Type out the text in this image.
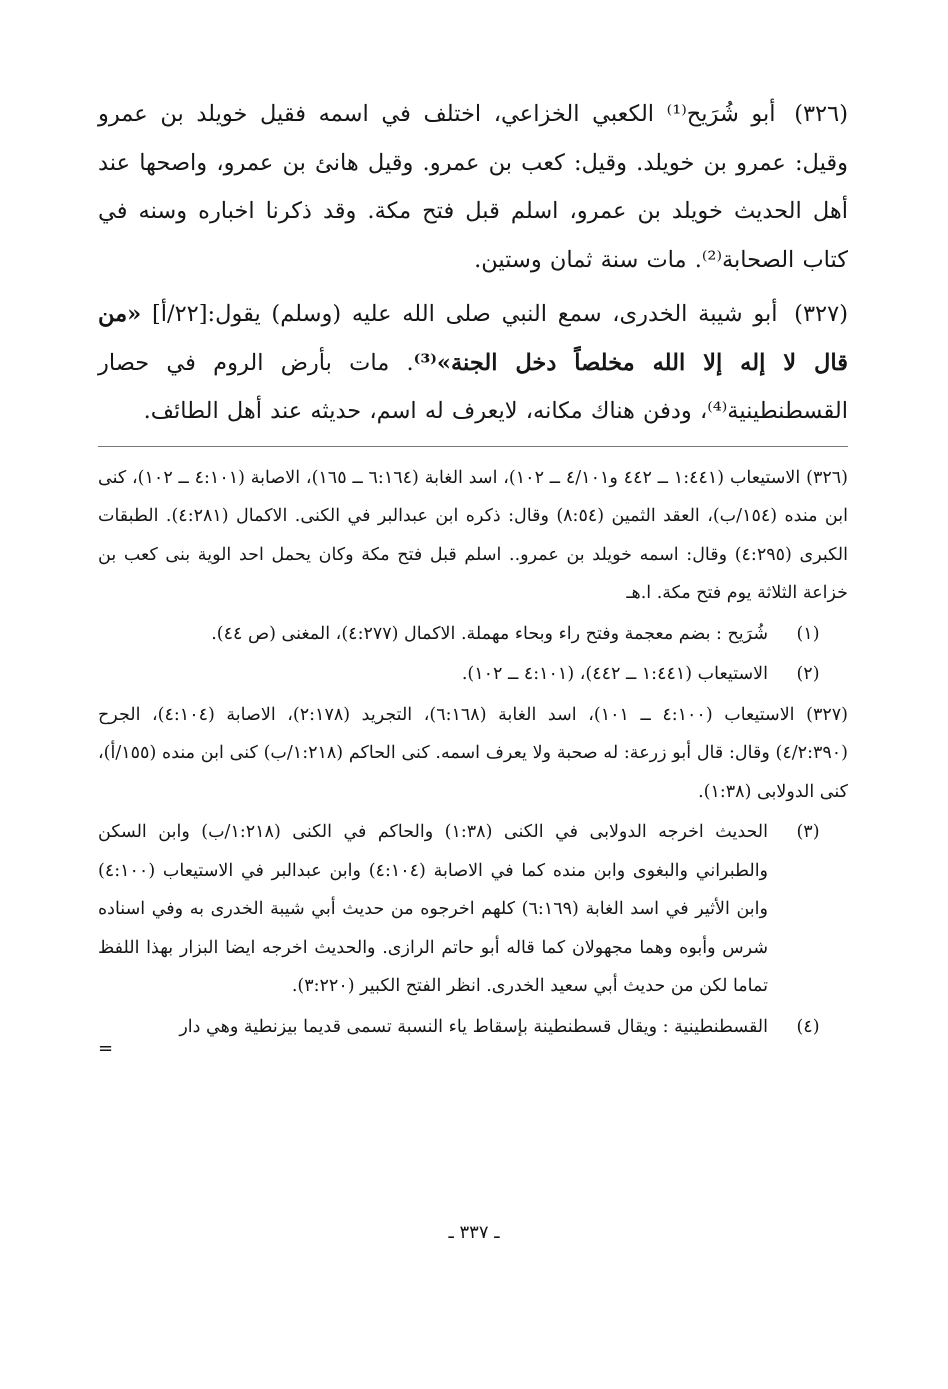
(٣٢٦) أبو شُرَيح⁽¹⁾ الكعبي الخزاعي، اختلف في اسمه فقيل خويلد بن عمرو وقيل: عمرو بن خويلد. وقيل: كعب بن عمرو. وقيل هانئ بن عمرو، واصحها عند أهل الحديث خويلد بن عمرو، اسلم قبل فتح مكة. وقد ذكرنا اخباره وسنه في كتاب الصحابة⁽²⁾. مات سنة ثمان وستين.

(٣٢٧) أبو شيبة الخدرى، سمع النبي صلى الله عليه (وسلم) يقول:[٢٢/أ] «من قال لا إله إلا الله مخلصاً دخل الجنة»⁽³⁾. مات بأرض الروم في حصار القسطنطينية⁽⁴⁾، ودفن هناك مكانه، لايعرف له اسم، حديثه عند أهل الطائف.

(٣٢٦) الاستيعاب (١:٤٤١ ــ ٤٤٢ و٤/١٠١ ــ ١٠٢)، اسد الغابة (٦:١٦٤ ــ ١٦٥)، الاصابة (٤:١٠١ ــ ١٠٢)، كنى ابن منده (١٥٤/ب)، العقد الثمين (٨:٥٤) وقال: ذكره ابن عبدالبر في الكنى. الاكمال (٤:٢٨١). الطبقات الكبرى (٤:٢٩٥) وقال: اسمه خويلد بن عمرو.. اسلم قبل فتح مكة وكان يحمل احد الوية بنى كعب بن خزاعة الثلاثة يوم فتح مكة. ا.هـ

(١)
شُرَيح : بضم معجمة وفتح راء وبحاء مهملة. الاكمال (٤:٢٧٧)، المغنى (ص ٤٤).
(٢)
الاستيعاب (١:٤٤١ ــ ٤٤٢)، (٤:١٠١ ــ ١٠٢).

(٣٢٧) الاستيعاب (٤:١٠٠ ــ ١٠١)، اسد الغابة (٦:١٦٨)، التجريد (٢:١٧٨)، الاصابة (٤:١٠٤)، الجرح (٤/٢:٣٩٠) وقال: قال أبو زرعة: له صحبة ولا يعرف اسمه. كنى الحاكم (١:٢١٨/ب) كنى ابن منده (١٥٥/أ)، كنى الدولابى (١:٣٨).

(٣)
الحديث اخرجه الدولابى في الكنى (١:٣٨) والحاكم في الكنى (١:٢١٨/ب) وابن السكن والطبراني والبغوى وابن منده كما في الاصابة (٤:١٠٤) وابن عبدالبر في الاستيعاب (٤:١٠٠) وابن الأثير في اسد الغابة (٦:١٦٩) كلهم اخرجوه من حديث أبي شيبة الخدرى به وفي اسناده شرس وأبوه وهما مجهولان كما قاله أبو حاتم الرازى. والحديث اخرجه ايضا البزار بهذا اللفظ تماما لكن من حديث أبي سعيد الخدرى. انظر الفتح الكبير (٣:٢٢٠).
(٤)
القسطنطينية : ويقال قسطنطينة بإسقاط ياء النسبة تسمى قديما بيزنطية وهي دار
=
ـ ٣٣٧ ـ
